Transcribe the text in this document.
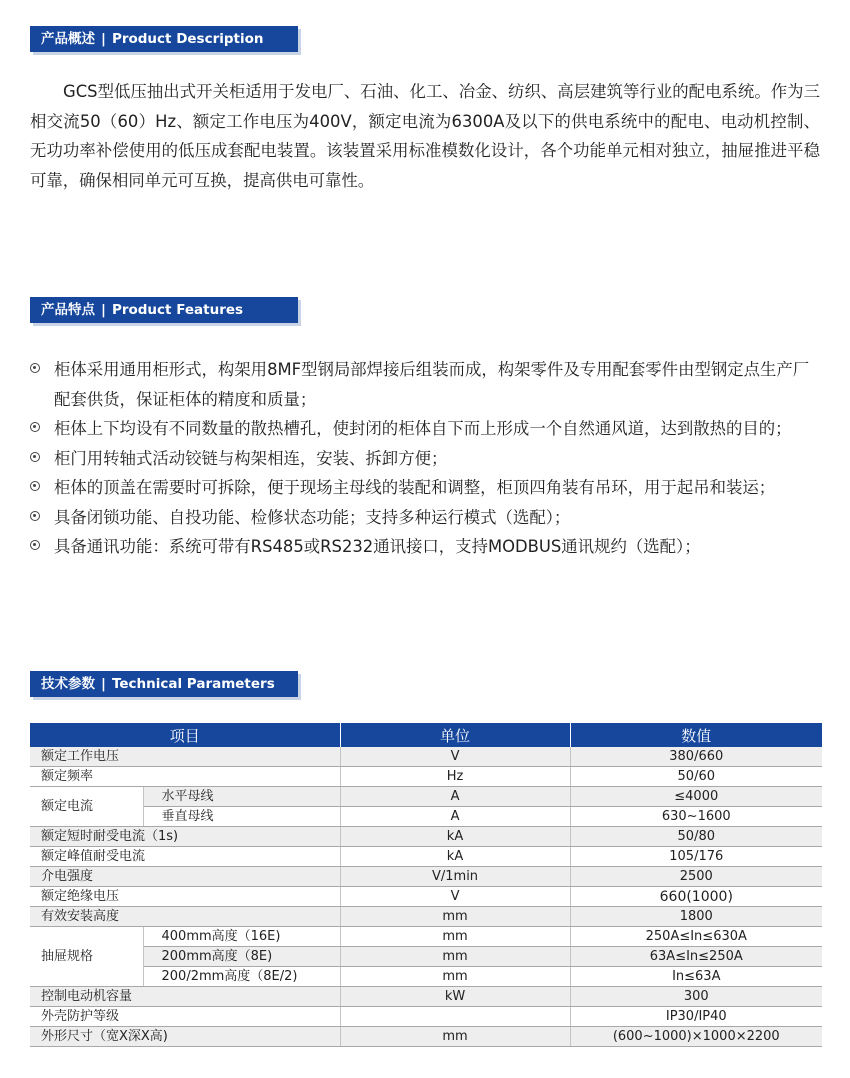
产品概述 | Product Description

GCS型低压抽出式开关柜适用于发电厂、石油、化工、冶金、纺织、高层建筑等行业的配电系统。作为三相交流50（60）Hz、额定工作电压为400V，额定电流为6300A及以下的供电系统中的配电、电动机控制、无功功率补偿使用的低压成套配电装置。该装置采用标准模数化设计，各个功能单元相对独立，抽屉推进平稳可靠，确保相同单元可互换，提高供电可靠性。

产品特点 | Product Features
柜体采用通用柜形式，构架用8MF型钢局部焊接后组装而成，构架零件及专用配套零件由型钢定点生产厂配套供货，保证柜体的精度和质量；
柜体上下均设有不同数量的散热槽孔，使封闭的柜体自下而上形成一个自然通风道，达到散热的目的；
柜门用转轴式活动铰链与构架相连，安装、拆卸方便；
柜体的顶盖在需要时可拆除，便于现场主母线的装配和调整，柜顶四角装有吊环，用于起吊和装运；
具备闭锁功能、自投功能、检修状态功能；支持多种运行模式（选配）；
具备通讯功能：系统可带有RS485或RS232通讯接口，支持MODBUS通讯规约（选配）；
技术参数 | Technical Parameters
项目		单位	数值
额定工作电压		V	380/660
额定频率		Hz	50/60
额定电流	水平母线	A	≤4000
	垂直母线	A	630~1600
额定短时耐受电流（1s)		kA	50/80
额定峰值耐受电流		kA	105/176
介电强度		V/1min	2500
额定绝缘电压		V	660(1000)
有效安装高度		mm	1800
抽屉规格	400mm高度（16E)	mm	250A≤In≤630A
	200mm高度（8E)	mm	63A≤In≤250A
	200/2mm高度（8E/2)	mm	In≤63A
控制电动机容量		kW	300
外壳防护等级			IP30/IP40
外形尺寸（宽X深X高)		mm	(600~1000)×1000×2200
